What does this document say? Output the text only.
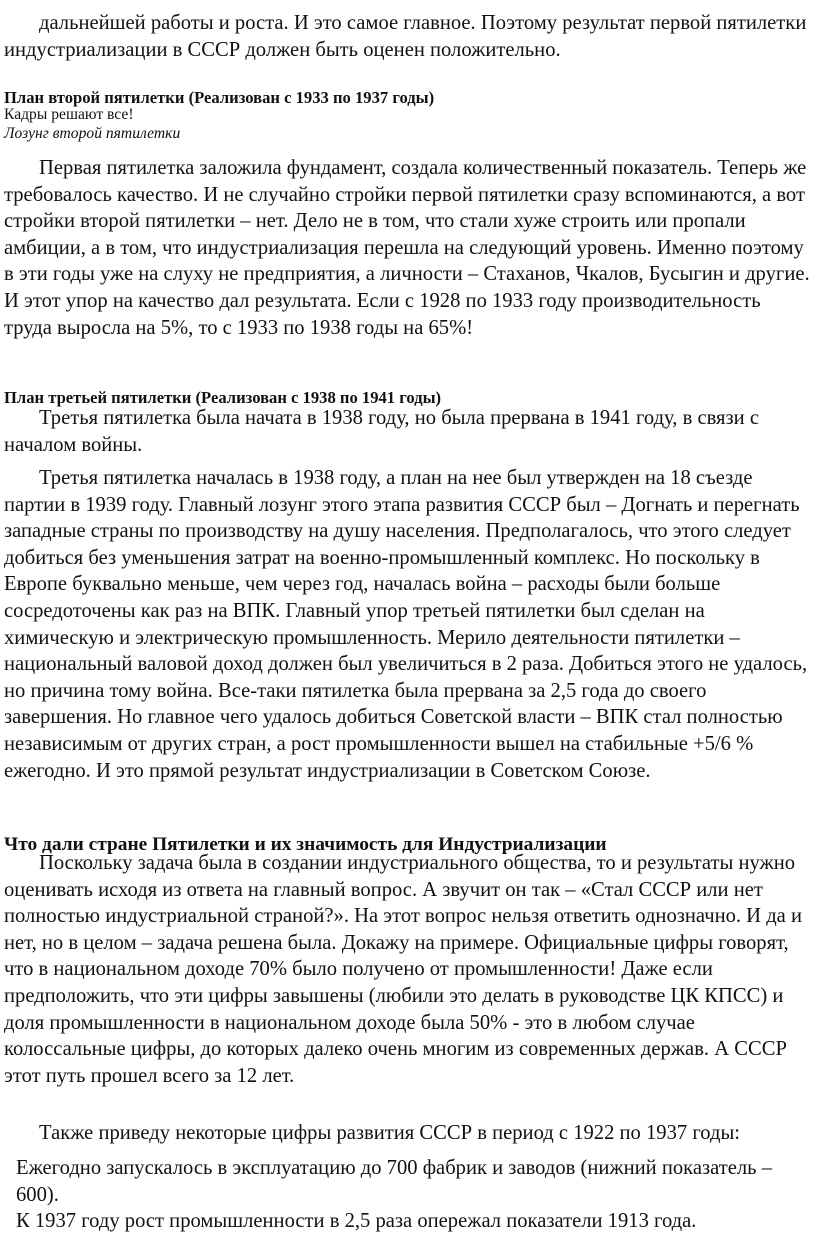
дальнейшей работы и роста. И это самое главное. Поэтому результат первой пятилетки индустриализации в СССР должен быть оценен положительно.

План второй пятилетки (Реализован с 1933 по 1937 годы)

Кадры решают все!

Лозунг второй пятилетки

Первая пятилетка заложила фундамент, создала количественный показатель. Теперь же требовалось качество. И не случайно стройки первой пятилетки сразу вспоминаются, а вот стройки второй пятилетки – нет. Дело не в том, что стали хуже строить или пропали амбиции, а в том, что индустриализация перешла на следующий уровень. Именно поэтому в эти годы уже на слуху не предприятия, а личности – Стаханов, Чкалов, Бусыгин и другие. И этот упор на качество дал результата. Если с 1928 по 1933 году производительность труда выросла на 5%, то с 1933 по 1938 годы на 65%!

План третьей пятилетки (Реализован с 1938 по 1941 годы)

Третья пятилетка была начата в 1938 году, но была прервана в 1941 году, в связи с началом войны.

Третья пятилетка началась в 1938 году, а план на нее был утвержден на 18 съезде партии в 1939 году. Главный лозунг этого этапа развития СССР был – Догнать и перегнать западные страны по производству на душу населения. Предполагалось, что этого следует добиться без уменьшения затрат на военно-промышленный комплекс. Но поскольку в Европе буквально меньше, чем через год, началась война – расходы были больше сосредоточены как раз на ВПК. Главный упор третьей пятилетки был сделан на химическую и электрическую промышленность. Мерило деятельности пятилетки – национальный валовой доход должен был увеличиться в 2 раза. Добиться этого не удалось, но причина тому война. Все-таки пятилетка была прервана за 2,5 года до своего завершения. Но главное чего удалось добиться Советской власти – ВПК стал полностью независимым от других стран, а рост промышленности вышел на стабильные +5/6 % ежегодно. И это прямой результат индустриализации в Советском Союзе.

Что дали стране Пятилетки и их значимость для Индустриализации

Поскольку задача была в создании индустриального общества, то и результаты нужно оценивать исходя из ответа на главный вопрос. А звучит он так – «Стал СССР или нет полностью индустриальной страной?». На этот вопрос нельзя ответить однозначно. И да и нет, но в целом – задача решена была. Докажу на примере. Официальные цифры говорят, что в национальном доходе 70% было получено от промышленности! Даже если предположить, что эти цифры завышены (любили это делать в руководстве ЦК КПСС) и доля промышленности в национальном доходе была 50% - это в любом случае колоссальные цифры, до которых далеко очень многим из современных держав. А СССР этот путь прошел всего за 12 лет.

Также приведу некоторые цифры развития СССР в период с 1922 по 1937 годы:

Ежегодно запускалось в эксплуатацию до 700 фабрик и заводов (нижний показатель – 600).

К 1937 году рост промышленности в 2,5 раза опережал показатели 1913 года.
